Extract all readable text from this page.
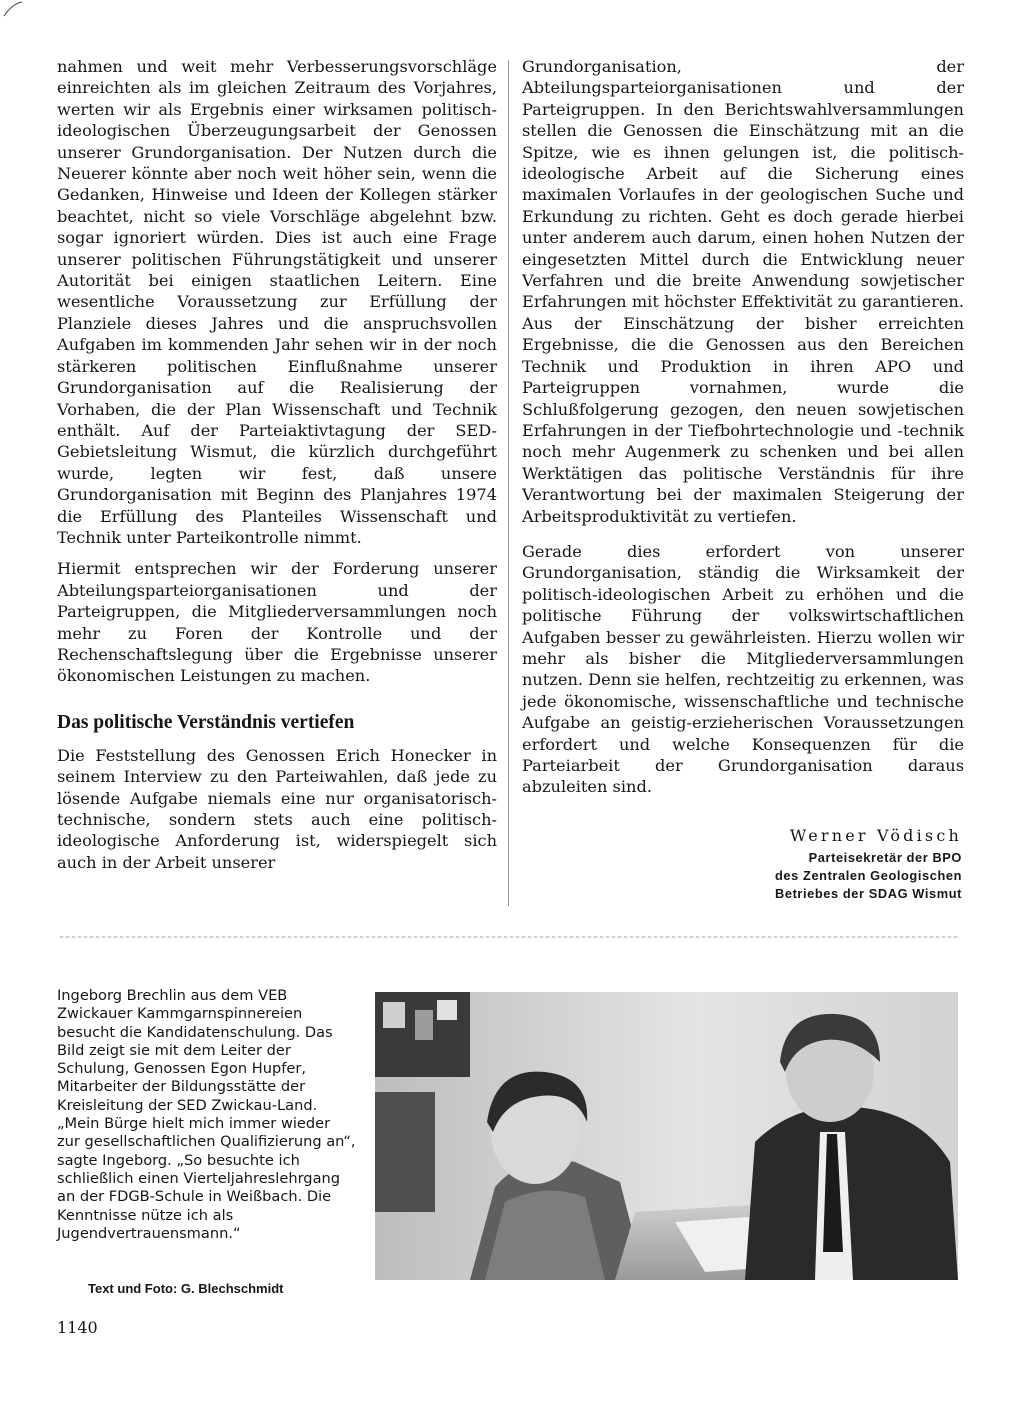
nahmen und weit mehr Verbesserungsvorschläge einreichten als im gleichen Zeitraum des Vorjahres, werten wir als Ergebnis einer wirksamen politisch-ideologischen Überzeugungsarbeit der Genossen unserer Grundorganisation. Der Nutzen durch die Neuerer könnte aber noch weit höher sein, wenn die Gedanken, Hinweise und Ideen der Kollegen stärker beachtet, nicht so viele Vorschläge abgelehnt bzw. sogar ignoriert würden. Dies ist auch eine Frage unserer politischen Führungstätigkeit und unserer Autorität bei einigen staatlichen Leitern. Eine wesentliche Voraussetzung zur Erfüllung der Planziele dieses Jahres und die anspruchsvollen Aufgaben im kommenden Jahr sehen wir in der noch stärkeren politischen Einflußnahme unserer Grundorganisation auf die Realisierung der Vorhaben, die der Plan Wissenschaft und Technik enthält. Auf der Parteiaktivtagung der SED-Gebietsleitung Wismut, die kürzlich durchgeführt wurde, legten wir fest, daß unsere Grundorganisation mit Beginn des Planjahres 1974 die Erfüllung des Planteiles Wissenschaft und Technik unter Parteikontrolle nimmt.

Hiermit entsprechen wir der Forderung unserer Abteilungsparteiorganisationen und der Parteigruppen, die Mitgliederversammlungen noch mehr zu Foren der Kontrolle und der Rechenschaftslegung über die Ergebnisse unserer ökonomischen Leistungen zu machen.

Das politische Verständnis vertiefen

Die Feststellung des Genossen Erich Honecker in seinem Interview zu den Parteiwahlen, daß jede zu lösende Aufgabe niemals eine nur organisatorisch-technische, sondern stets auch eine politisch-ideologische Anforderung ist, widerspiegelt sich auch in der Arbeit unserer

Grundorganisation, der Abteilungsparteiorganisationen und der Parteigruppen. In den Berichtswahlversammlungen stellen die Genossen die Einschätzung mit an die Spitze, wie es ihnen gelungen ist, die politisch-ideologische Arbeit auf die Sicherung eines maximalen Vorlaufes in der geologischen Suche und Erkundung zu richten. Geht es doch gerade hierbei unter anderem auch darum, einen hohen Nutzen der eingesetzten Mittel durch die Entwicklung neuer Verfahren und die breite Anwendung sowjetischer Erfahrungen mit höchster Effektivität zu garantieren. Aus der Einschätzung der bisher erreichten Ergebnisse, die die Genossen aus den Bereichen Technik und Produktion in ihren APO und Parteigruppen vornahmen, wurde die Schlußfolgerung gezogen, den neuen sowjetischen Erfahrungen in der Tiefbohrtechnologie und -technik noch mehr Augenmerk zu schenken und bei allen Werktätigen das politische Verständnis für ihre Verantwortung bei der maximalen Steigerung der Arbeitsproduktivität zu vertiefen.

Gerade dies erfordert von unserer Grundorganisation, ständig die Wirksamkeit der politisch-ideologischen Arbeit zu erhöhen und die politische Führung der volkswirtschaftlichen Aufgaben besser zu gewährleisten. Hierzu wollen wir mehr als bisher die Mitgliederversammlungen nutzen. Denn sie helfen, rechtzeitig zu erkennen, was jede ökonomische, wissenschaftliche und technische Aufgabe an geistig-erzieherischen Voraussetzungen erfordert und welche Konsequenzen für die Parteiarbeit der Grundorganisation daraus abzuleiten sind.

Werner Vödisch
Parteisekretär der BPO
des Zentralen Geologischen
Betriebes der SDAG Wismut

Ingeborg Brechlin aus dem VEB Zwickauer Kammgarnspinnereien besucht die Kandidatenschulung. Das Bild zeigt sie mit dem Leiter der Schulung, Genossen Egon Hupfer, Mitarbeiter der Bildungsstätte der Kreisleitung der SED Zwickau-Land. „Mein Bürge hielt mich immer wieder zur gesellschaftlichen Qualifizierung an“, sagte Ingeborg. „So besuchte ich schließlich einen Vierteljahreslehrgang an der FDGB-Schule in Weißbach. Die Kenntnisse nütze ich als Jugendvertrauensmann.“

Text und Foto: G. Blechschmidt
1140
